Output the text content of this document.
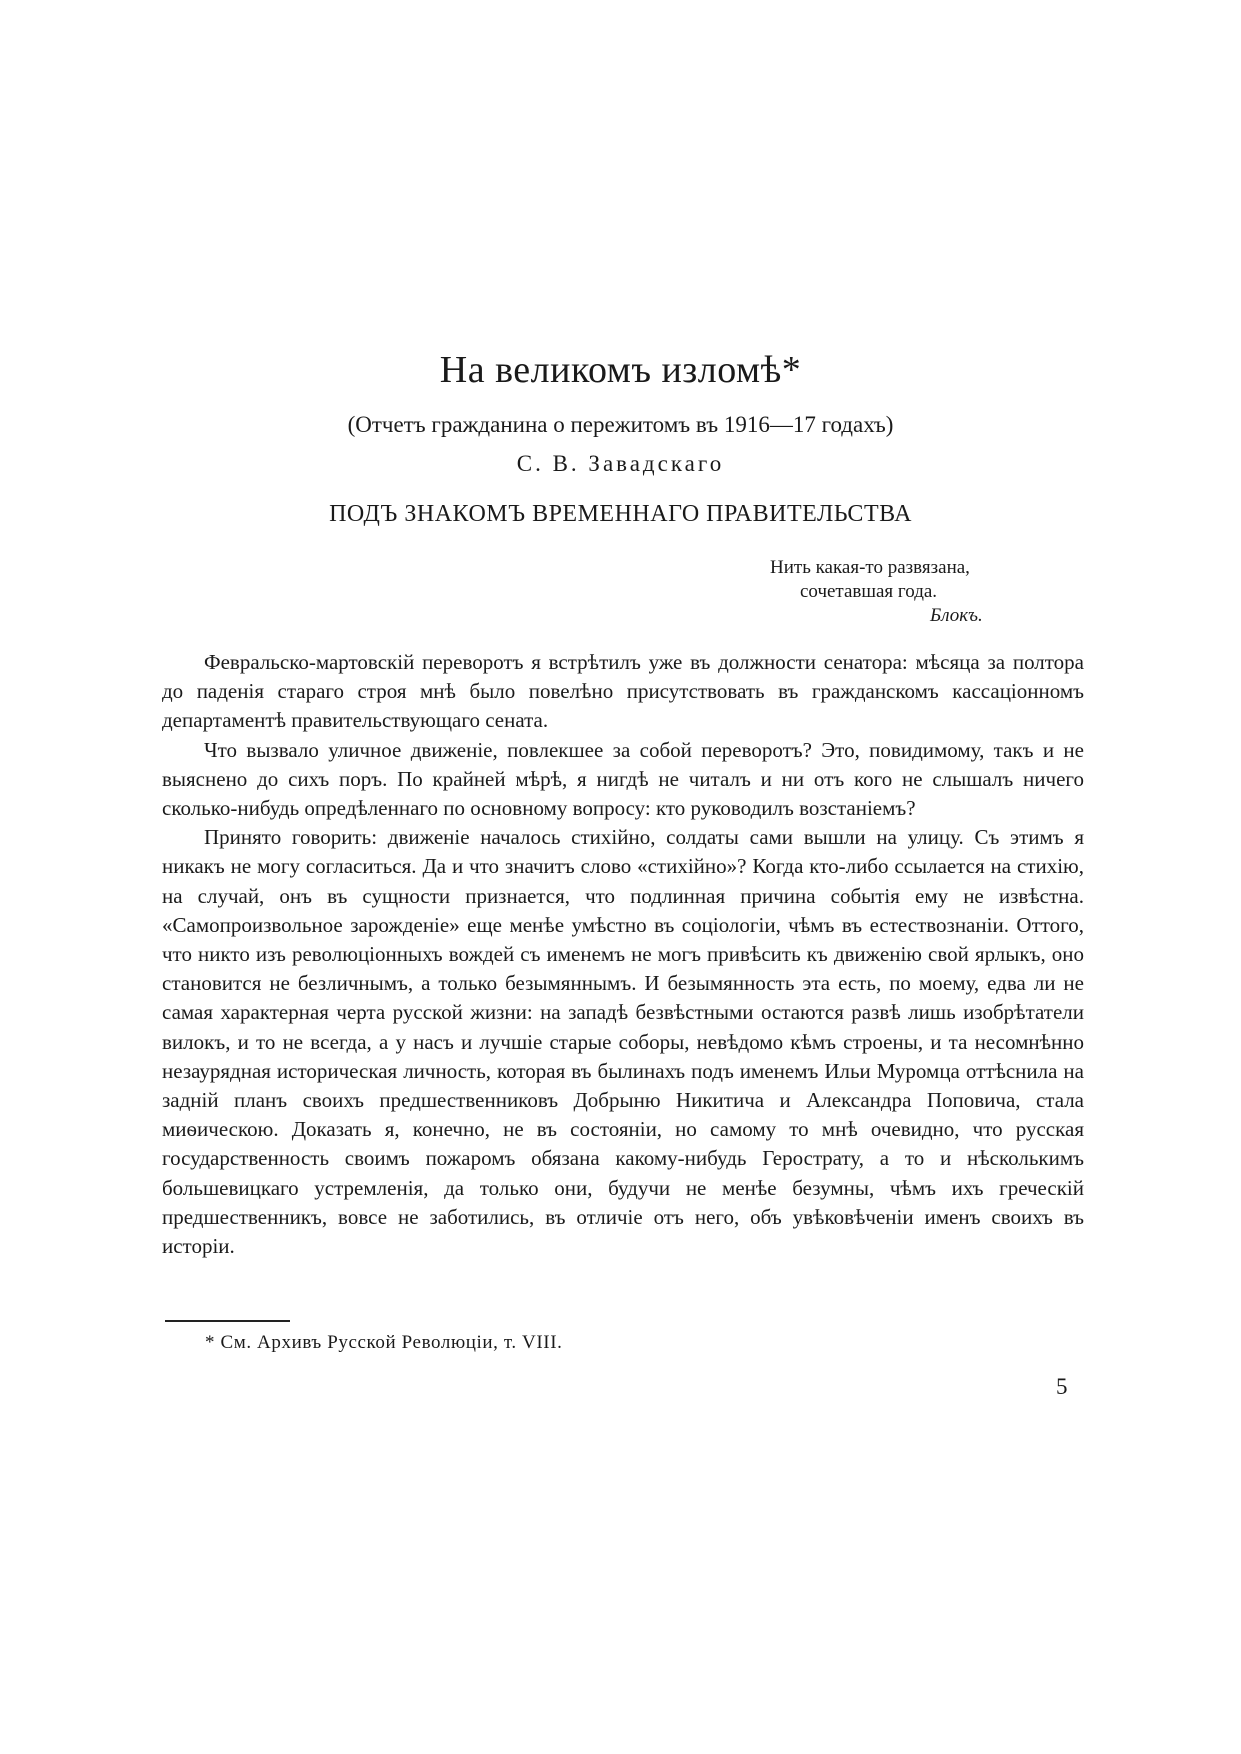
На великомъ изломѣ*
(Отчетъ гражданина о пережитомъ въ 1916—17 годахъ)
С. В. Завадскаго
ПОДЪ ЗНАКОМЪ ВРЕМЕННАГО ПРАВИТЕЛЬСТВА
Нить какая-то развязана,
сочетавшая года.
Блокъ.

Февральско-мартовскій переворотъ я встрѣтилъ уже въ должности сенатора: мѣсяца за полтора до паденія стараго строя мнѣ было повелѣно присутствовать въ гражданскомъ кассаціонномъ департаментѣ правительствующаго сената.

Что вызвало уличное движеніе, повлекшее за собой переворотъ? Это, повидимому, такъ и не выяснено до сихъ поръ. По крайней мѣрѣ, я нигдѣ не читалъ и ни отъ кого не слышалъ ничего сколько-нибудь опредѣленнаго по основному вопросу: кто руководилъ возстаніемъ?

Принято говорить: движеніе началось стихійно, солдаты сами вышли на улицу. Съ этимъ я никакъ не могу согласиться. Да и что значитъ слово «стихійно»? Когда кто-либо ссылается на стихію, на случай, онъ въ сущности признается, что подлинная причина событія ему не извѣстна. «Самопроизвольное зарожденіе» еще менѣе умѣстно въ соціологіи, чѣмъ въ естествознаніи. Оттого, что никто изъ революціонныхъ вождей съ именемъ не могъ привѣсить къ движенію свой ярлыкъ, оно становится не безличнымъ, а только безымяннымъ. И безымянность эта есть, по моему, едва ли не самая характерная черта русской жизни: на западѣ безвѣстными остаются развѣ лишь изобрѣтатели вилокъ, и то не всегда, а у насъ и лучшіе старые соборы, невѣдомо кѣмъ строены, и та несомнѣнно незаурядная историческая личность, которая въ былинахъ подъ именемъ Ильи Муромца оттѣснила на задній планъ своихъ предшественниковъ Добрыню Никитича и Александра Поповича, стала миѳическою. Доказать я, конечно, не въ состояніи, но самому то мнѣ очевидно, что русская государственность своимъ пожаромъ обязана какому-нибудь Геростpату, а то и нѣсколькимъ большевицкаго устремленія, да только они, будучи не менѣе безумны, чѣмъ ихъ греческій предшественникъ, вовсе не заботились, въ отличіе отъ него, объ увѣковѣченіи именъ своихъ въ исторіи.

* См. Архивъ Русской Революціи, т. VIII.
5
